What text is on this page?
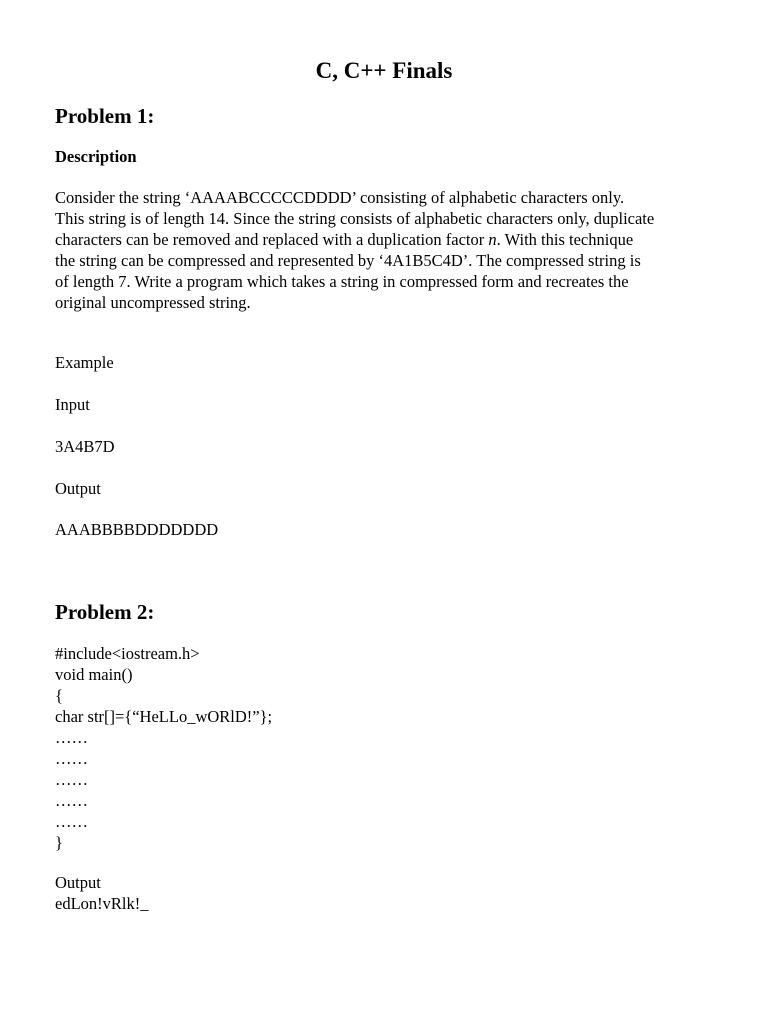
C, C++ Finals
Problem 1:
Description

Consider the string ‘AAAABCCCCCDDDD’ consisting of alphabetic characters only.
This string is of length 14. Since the string consists of alphabetic characters only, duplicate
characters can be removed and replaced with a duplication factor n. With this technique
the string can be compressed and represented by ‘4A1B5C4D’. The compressed string is
of length 7. Write a program which takes a string in compressed form and recreates the
original uncompressed string.

Example

Input

3A4B7D

Output

AAABBBBDDDDDDD

Problem 2:
#include<iostream.h>
void main()
{
char str[]={“HeLLo_wORlD!”};
……
……
……
……
……
}

Output

edLon!vRlk!_
